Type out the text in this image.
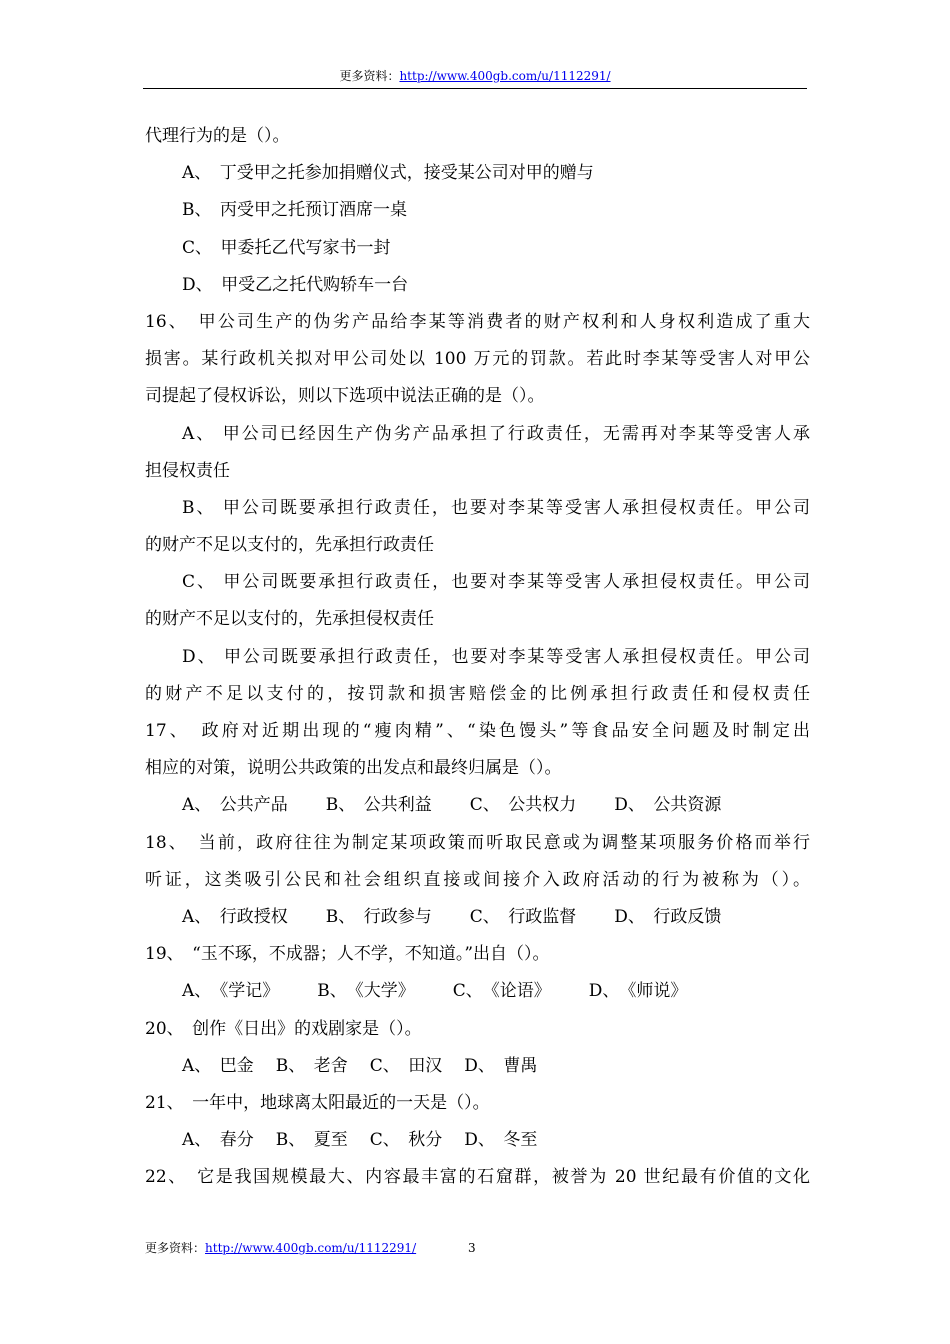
更多资料：http://www.400gb.com/u/1112291/
代理行为的是（）。
A、　丁受甲之托参加捐赠仪式，接受某公司对甲的赠与
B、　丙受甲之托预订酒席一桌
C、　甲委托乙代写家书一封
D、　甲受乙之托代购轿车一台
16、　甲公司生产的伪劣产品给李某等消费者的财产权利和人身权利造成了重大
损害。某行政机关拟对甲公司处以 100 万元的罚款。若此时李某等受害人对甲公
司提起了侵权诉讼，则以下选项中说法正确的是（）。
A、 甲公司已经因生产伪劣产品承担了行政责任，无需再对李某等受害人承
担侵权责任
B、 甲公司既要承担行政责任，也要对李某等受害人承担侵权责任。甲公司
的财产不足以支付的，先承担行政责任
C、 甲公司既要承担行政责任，也要对李某等受害人承担侵权责任。甲公司
的财产不足以支付的，先承担侵权责任
D、 甲公司既要承担行政责任，也要对李某等受害人承担侵权责任。甲公司
的财产不足以支付的，按罚款和损害赔偿金的比例承担行政责任和侵权责任
17、　政府对近期出现的“瘦肉精”、“染色馒头”等食品安全问题及时制定出
相应的对策，说明公共政策的出发点和最终归属是（）。
A、　公共产品 B、　公共利益 C、　公共权力 D、　公共资源
18、　当前，政府往往为制定某项政策而听取民意或为调整某项服务价格而举行
听证，这类吸引公民和社会组织直接或间接介入政府活动的行为被称为（）。
A、　行政授权 B、　行政参与 C、　行政监督 D、　行政反馈
19、　“玉不琢，不成器；人不学，不知道。”出自（）。
A、　《学记》 B、　《大学》 C、　《论语》 D、　《师说》
20、　创作《日出》的戏剧家是（）。
A、　巴金 B、　老舍 C、　田汉 D、　曹禺
21、　一年中，地球离太阳最近的一天是（）。
A、　春分 B、　夏至 C、　秋分 D、　冬至
22、　它是我国规模最大、内容最丰富的石窟群，被誉为 20 世纪最有价值的文化
更多资料：http://www.400gb.com/u/1112291/	3
